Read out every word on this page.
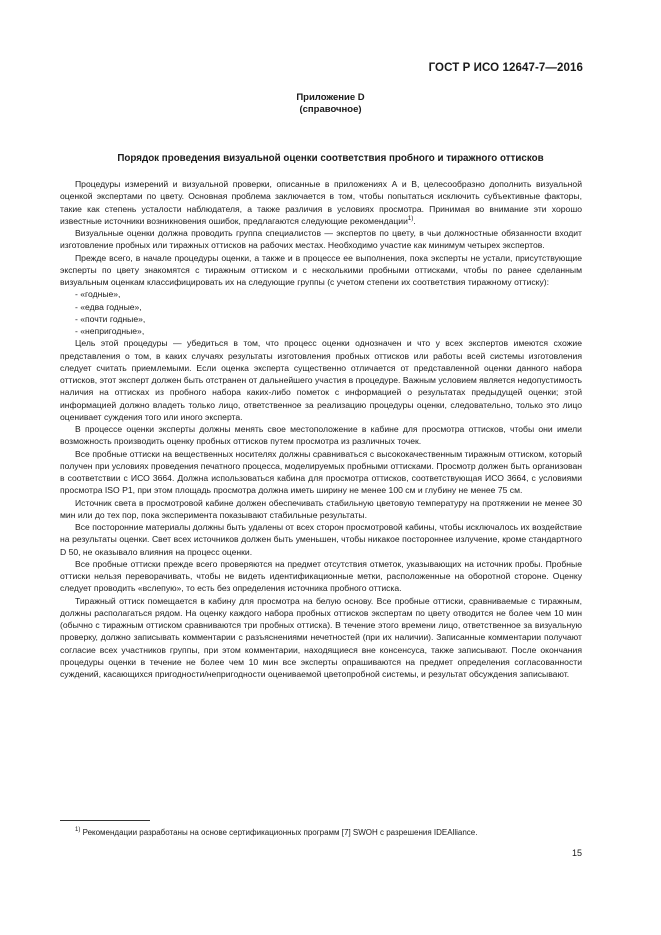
ГОСТ Р ИСО 12647-7—2016
Приложение D
(справочное)
Порядок проведения визуальной оценки соответствия пробного и тиражного оттисков

Процедуры измерений и визуальной проверки, описанные в приложениях А и В, целесообразно дополнить визуальной оценкой экспертами по цвету. Основная проблема заключается в том, чтобы попытаться исключить субъективные факторы, такие как степень усталости наблюдателя, а также различия в условиях просмотра. Принимая во внимание эти хорошо известные источники возникновения ошибок, предлагаются следующие рекомендации$^{1)}$.

Визуальные оценки должна проводить группа специалистов — экспертов по цвету, в чьи должностные обязанности входит изготовление пробных или тиражных оттисков на рабочих местах. Необходимо участие как минимум четырех экспертов.

Прежде всего, в начале процедуры оценки, а также и в процессе ее выполнения, пока эксперты не устали, присутствующие эксперты по цвету знакомятся с тиражным оттиском и с несколькими пробными оттисками, чтобы по ранее сделанным визуальным оценкам классифицировать их на следующие группы (с учетом степени их соответствия тиражному оттиску):

- «годные»,

- «едва годные»,

- «почти годные»,

- «непригодные»,

Цель этой процедуры — убедиться в том, что процесс оценки однозначен и что у всех экспертов имеются схожие представления о том, в каких случаях результаты изготовления пробных оттисков или работы всей системы изготовления следует считать приемлемыми. Если оценка эксперта существенно отличается от представленной оценки данного набора оттисков, этот эксперт должен быть отстранен от дальнейшего участия в процедуре. Важным условием является недопустимость наличия на оттисках из пробного набора каких-либо пометок с информацией о результатах предыдущей оценки; этой информацией должно владеть только лицо, ответственное за реализацию процедуры оценки, следовательно, только это лицо оценивает суждения того или иного эксперта.

В процессе оценки эксперты должны менять свое местоположение в кабине для просмотра оттисков, чтобы они имели возможность производить оценку пробных оттисков путем просмотра из различных точек.

Все пробные оттиски на вещественных носителях должны сравниваться с высококачественным тиражным оттиском, который получен при условиях проведения печатного процесса, моделируемых пробными оттисками. Просмотр должен быть организован в соответствии с ИСО 3664. Должна использоваться кабина для просмотра оттисков, соответствующая ИСО 3664, с условиями просмотра ISO P1, при этом площадь просмотра должна иметь ширину не менее 100 см и глубину не менее 75 см.

Источник света в просмотровой кабине должен обеспечивать стабильную цветовую температуру на протяжении не менее 30 мин или до тех пор, пока эксперимента показывают стабильные результаты.

Все посторонние материалы должны быть удалены от всех сторон просмотровой кабины, чтобы исключалось их воздействие на результаты оценки. Свет всех источников должен быть уменьшен, чтобы никакое постороннее излучение, кроме стандартного D 50, не оказывало влияния на процесс оценки.

Все пробные оттиски прежде всего проверяются на предмет отсутствия отметок, указывающих на источник пробы. Пробные оттиски нельзя переворачивать, чтобы не видеть идентификационные метки, расположенные на оборотной стороне. Оценку следует проводить «вслепую», то есть без определения источника пробного оттиска.

Тиражный оттиск помещается в кабину для просмотра на белую основу. Все пробные оттиски, сравниваемые с тиражным, должны располагаться рядом. На оценку каждого набора пробных оттисков экспертам по цвету отводится не более чем 10 мин (обычно с тиражным оттиском сравниваются три пробных оттиска). В течение этого времени лицо, ответственное за визуальную проверку, должно записывать комментарии с разъяснениями нечетностей (при их наличии). Записанные комментарии получают согласие всех участников группы, при этом комментарии, находящиеся вне консенсуса, также записывают. После окончания процедуры оценки в течение не более чем 10 мин все эксперты опрашиваются на предмет определения согласованности суждений, касающихся пригодности/непригодности оцениваемой цветопробной системы, и результат обсуждения записывают.

$^{1)}$ Рекомендации разработаны на основе сертификационных программ [7] SWOH с разрешения IDEAlliance.
15
